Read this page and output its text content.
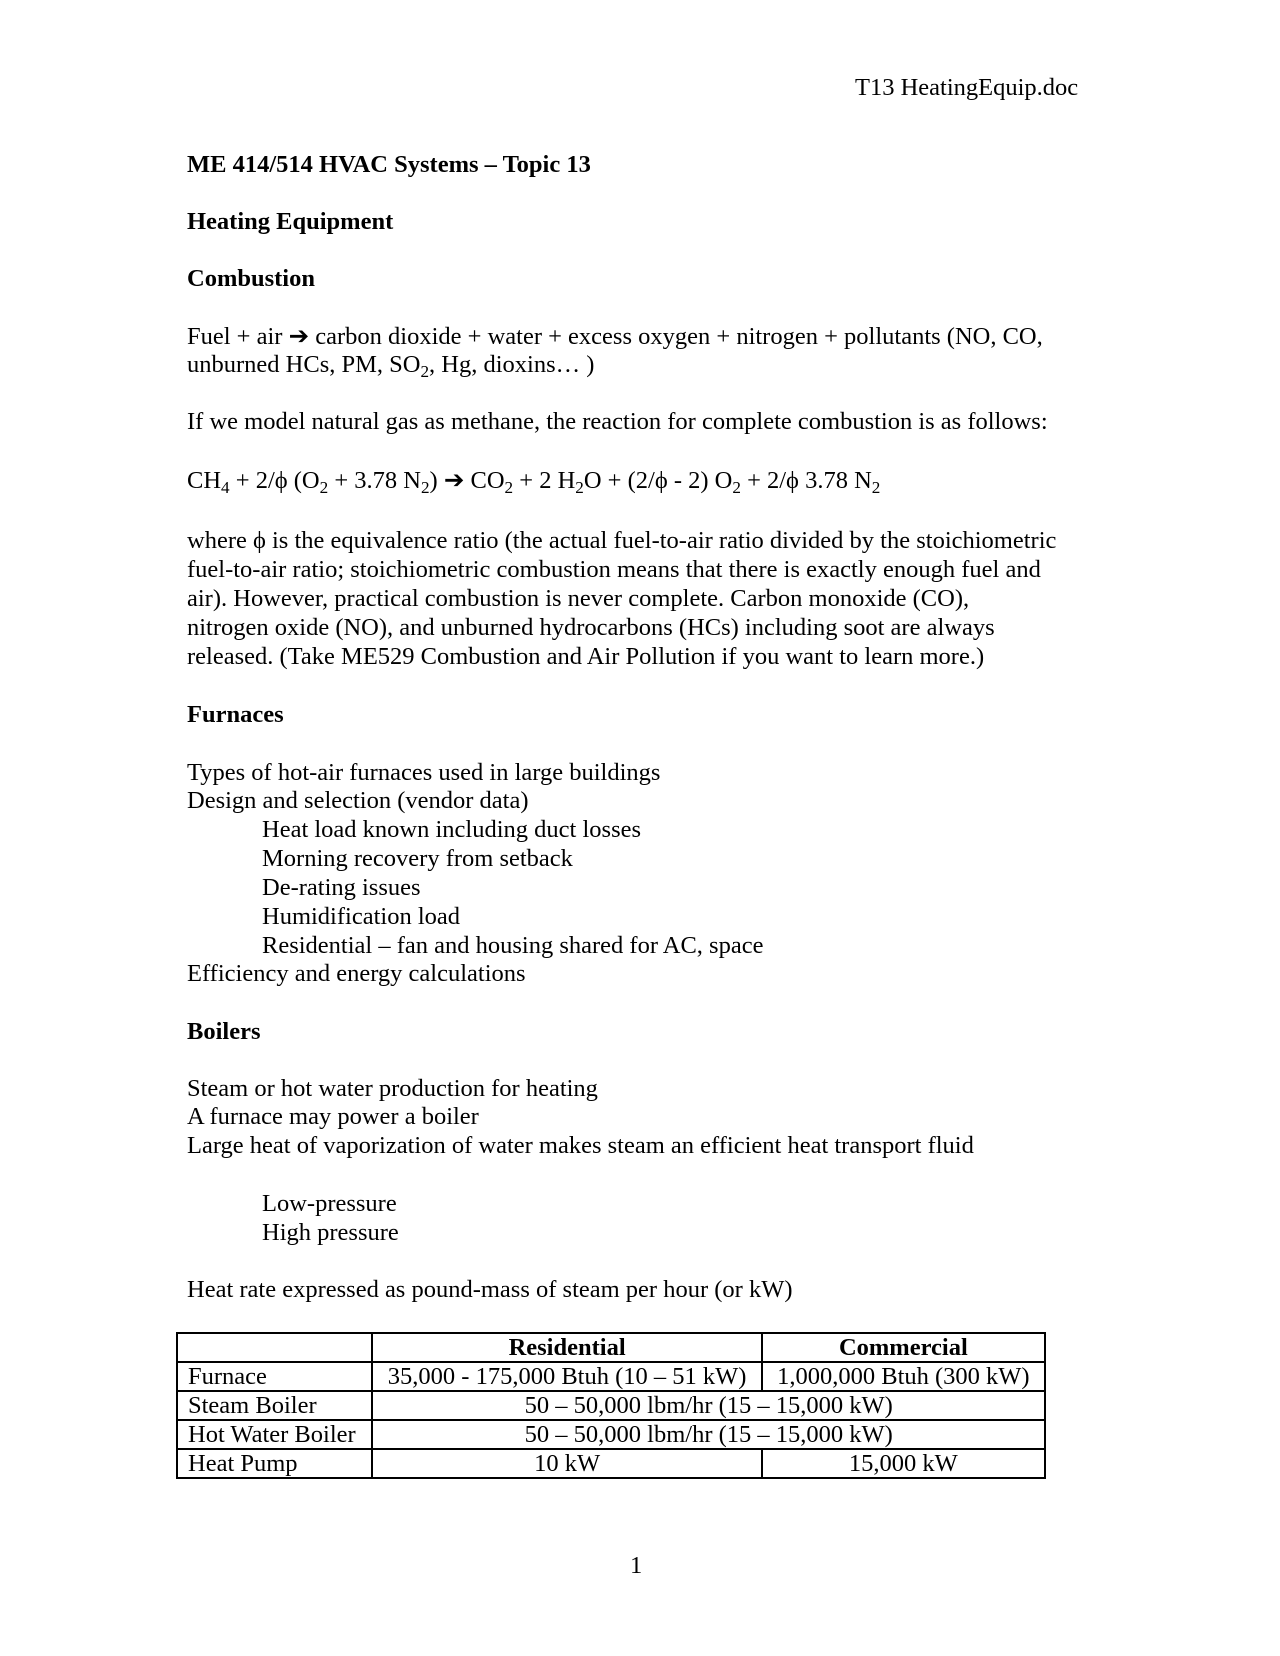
T13 HeatingEquip.doc
ME 414/514 HVAC Systems – Topic 13
Heating Equipment
Combustion
Fuel + air ➔ carbon dioxide + water + excess oxygen + nitrogen + pollutants (NO, CO,
unburned HCs, PM, $SO_2$, Hg, dioxins… )
If we model natural gas as methane, the reaction for complete combustion is as follows:
$CH_4 + 2/\phi$ ($O_2 + 3.78$ $N_2$) ➔ $CO_2 + 2$ $H_2O + (2/\phi - 2) O_2 + 2/\phi$ 3.78 $N_2$
where ϕ is the equivalence ratio (the actual fuel-to-air ratio divided by the stoichiometric
fuel-to-air ratio; stoichiometric combustion means that there is exactly enough fuel and
air). However, practical combustion is never complete. Carbon monoxide (CO),
nitrogen oxide (NO), and unburned hydrocarbons (HCs) including soot are always
released. (Take ME529 Combustion and Air Pollution if you want to learn more.)
Furnaces
Types of hot-air furnaces used in large buildings
Design and selection (vendor data)
Heat load known including duct losses
Morning recovery from setback
De-rating issues
Humidification load
Residential – fan and housing shared for AC, space
Efficiency and energy calculations
Boilers
Steam or hot water production for heating
A furnace may power a boiler
Large heat of vaporization of water makes steam an efficient heat transport fluid
Low-pressure
High pressure
Heat rate expressed as pound-mass of steam per hour (or kW)
	Residential	Commercial
Furnace	35,000 - 175,000 Btuh (10 – 51 kW)	1,000,000 Btuh (300 kW)
Steam Boiler	50 – 50,000 lbm/hr (15 – 15,000 kW)	
Hot Water Boiler	50 – 50,000 lbm/hr (15 – 15,000 kW)	
Heat Pump	10 kW	15,000 kW
1
